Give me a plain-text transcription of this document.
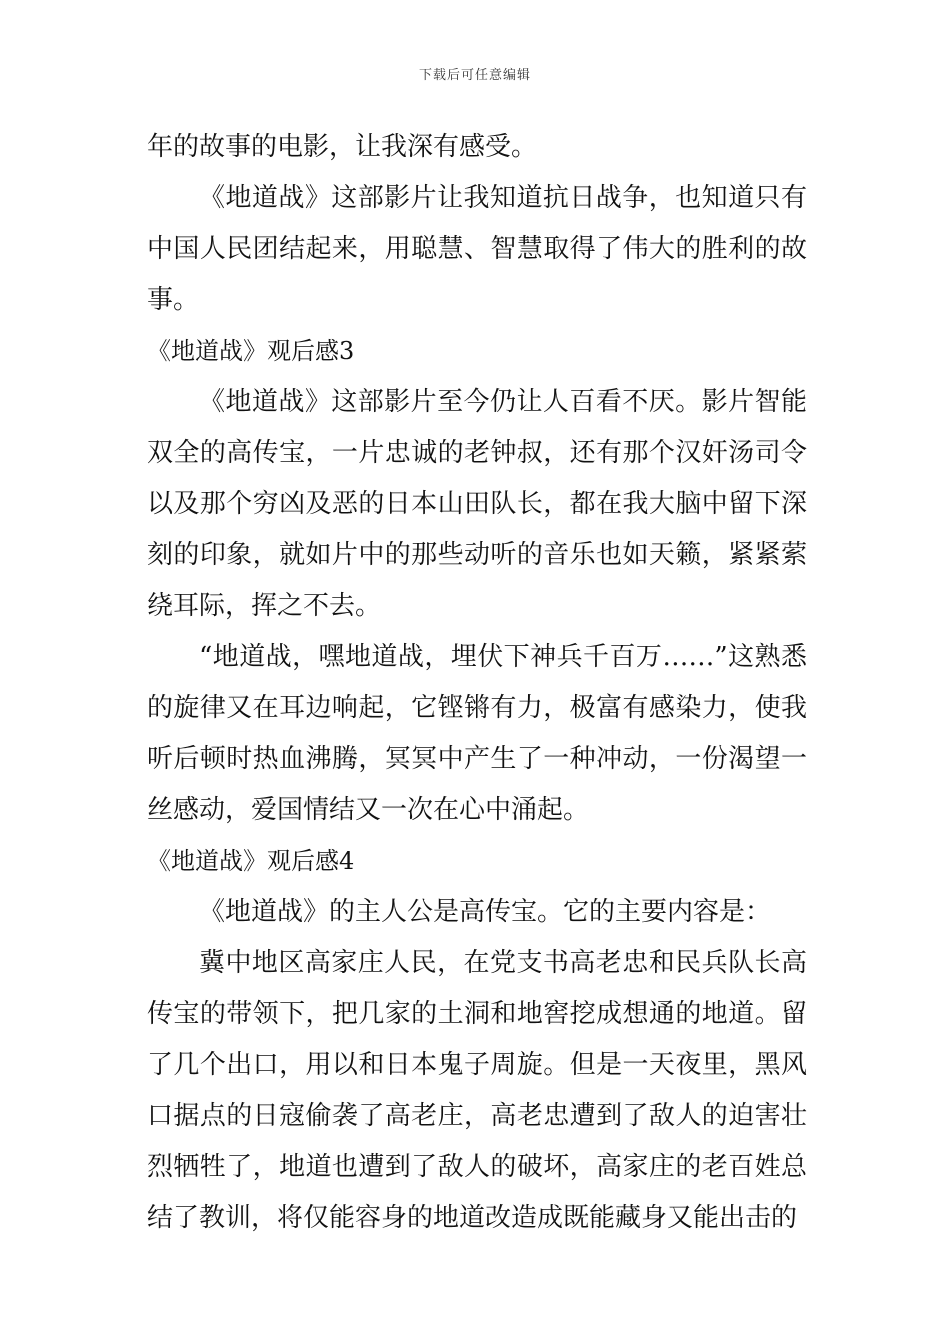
下载后可任意编辑

年的故事的电影，让我深有感受。

《地道战》这部影片让我知道抗日战争，也知道只有中国人民团结起来，用聪慧、智慧取得了伟大的胜利的故事。

《地道战》观后感3

《地道战》这部影片至今仍让人百看不厌。影片智能双全的高传宝，一片忠诚的老钟叔，还有那个汉奸汤司令以及那个穷凶及恶的日本山田队长，都在我大脑中留下深刻的印象，就如片中的那些动听的音乐也如天籁，紧紧萦绕耳际，挥之不去。

“地道战，嘿地道战，埋伏下神兵千百万……”这熟悉的旋律又在耳边响起，它铿锵有力，极富有感染力，使我听后顿时热血沸腾，冥冥中产生了一种冲动，一份渴望一丝感动，爱国情结又一次在心中涌起。

《地道战》观后感4

《地道战》的主人公是高传宝。它的主要内容是：

冀中地区高家庄人民，在党支书高老忠和民兵队长高传宝的带领下，把几家的土洞和地窖挖成想通的地道。留了几个出口，用以和日本鬼子周旋。但是一天夜里，黑风口据点的日寇偷袭了高老庄，高老忠遭到了敌人的迫害壮烈牺牲了，地道也遭到了敌人的破坏，高家庄的老百姓总结了教训，将仅能容身的地道改造成既能藏身又能出击的
